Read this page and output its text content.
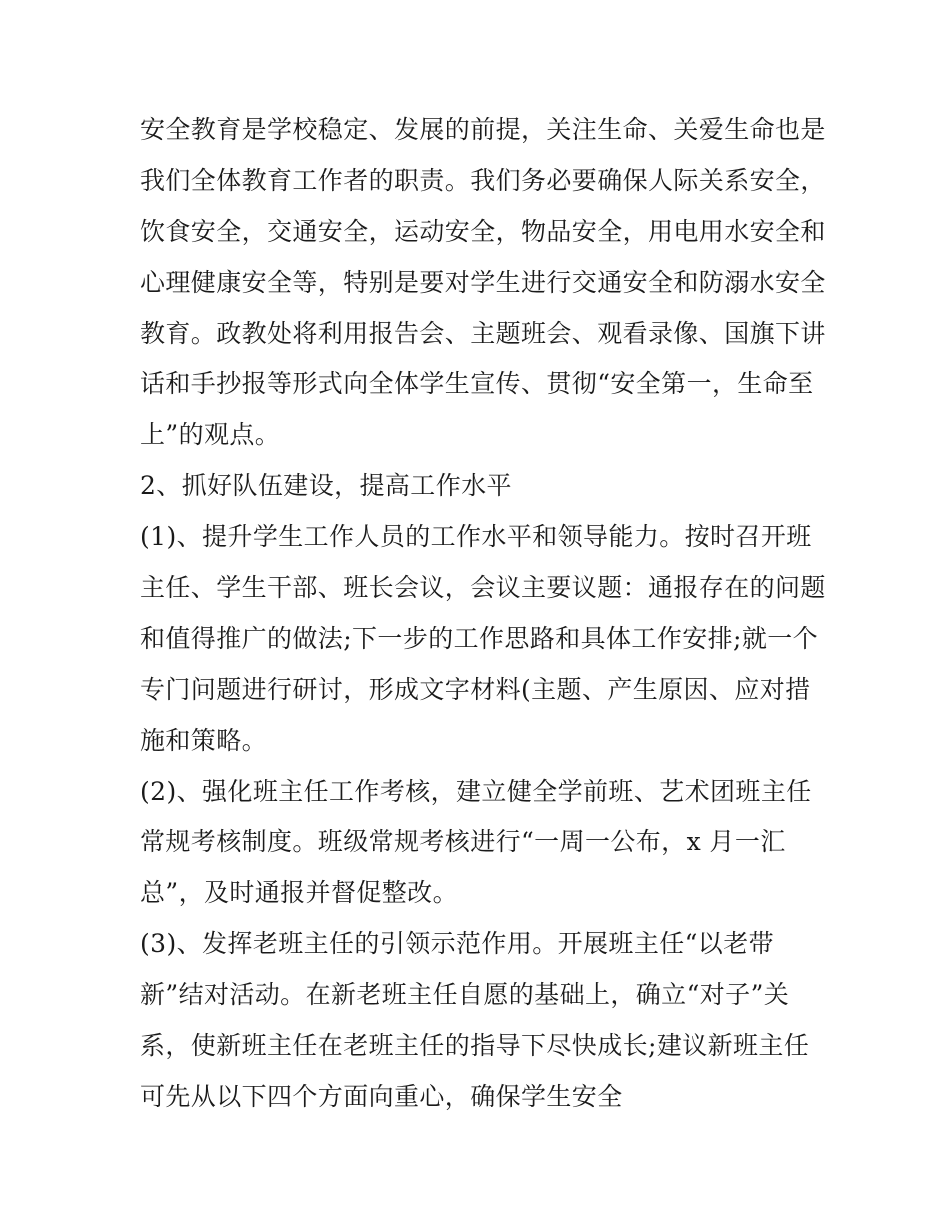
安全教育是学校稳定、发展的前提，关注生命、关爱生命也是
我们全体教育工作者的职责。我们务必要确保人际关系安全，
饮食安全，交通安全，运动安全，物品安全，用电用水安全和
心理健康安全等，特别是要对学生进行交通安全和防溺水安全
教育。政教处将利用报告会、主题班会、观看录像、国旗下讲
话和手抄报等形式向全体学生宣传、贯彻“安全第一，生命至
上”的观点。
2、抓好队伍建设，提高工作水平
(1)、提升学生工作人员的工作水平和领导能力。按时召开班
主任、学生干部、班长会议，会议主要议题：通报存在的问题
和值得推广的做法;下一步的工作思路和具体工作安排;就一个
专门问题进行研讨，形成文字材料(主题、产生原因、应对措
施和策略。
(2)、强化班主任工作考核，建立健全学前班、艺术团班主任
常规考核制度。班级常规考核进行“一周一公布，x 月一汇
总”，及时通报并督促整改。
(3)、发挥老班主任的引领示范作用。开展班主任“以老带
新”结对活动。在新老班主任自愿的基础上，确立“对子”关
系，使新班主任在老班主任的指导下尽快成长;建议新班主任
可先从以下四个方面向重心，确保学生安全
